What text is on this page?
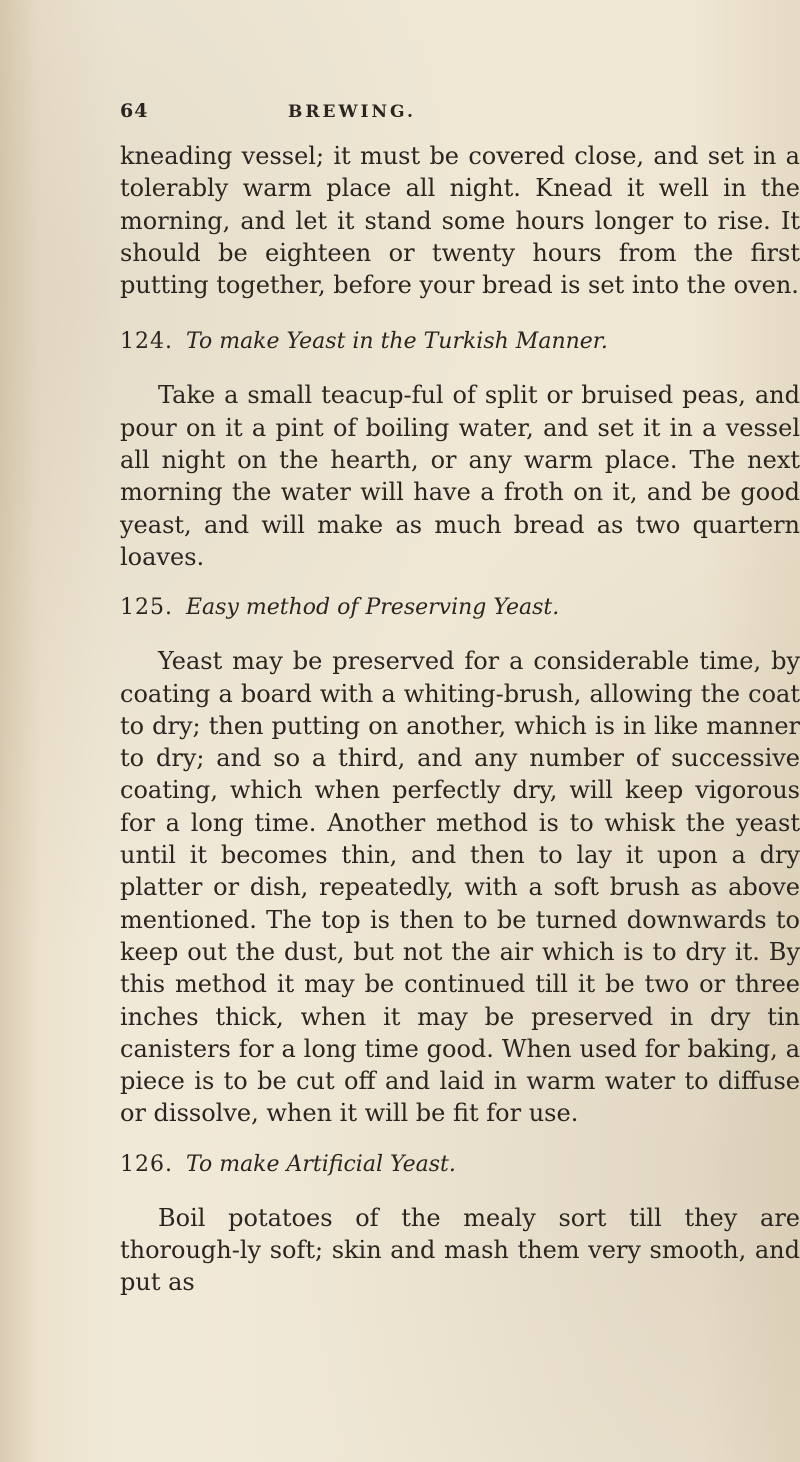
64	BREWING.

kneading vessel; it must be covered close, and set in a tolerably warm place all night. Knead it well in the morning, and let it stand some hours longer to rise. It should be eighteen or twenty hours from the first putting together, before your bread is set into the oven.

124. To make Yeast in the Turkish Manner.

Take a small teacup-ful of split or bruised peas, and pour on it a pint of boiling water, and set it in a vessel all night on the hearth, or any warm place. The next morning the water will have a froth on it, and be good yeast, and will make as much bread as two quartern loaves.

125. Easy method of Preserving Yeast.

Yeast may be preserved for a considerable time, by coating a board with a whiting-brush, allowing the coat to dry; then putting on another, which is in like manner to dry; and so a third, and any number of successive coating, which when perfectly dry, will keep vigorous for a long time. Another method is to whisk the yeast until it becomes thin, and then to lay it upon a dry platter or dish, repeatedly, with a soft brush as above mentioned. The top is then to be turned downwards to keep out the dust, but not the air which is to dry it. By this method it may be continued till it be two or three inches thick, when it may be preserved in dry tin canisters for a long time good. When used for baking, a piece is to be cut off and laid in warm water to diffuse or dissolve, when it will be fit for use.

126. To make Artificial Yeast.

Boil potatoes of the mealy sort till they are thorough-ly soft; skin and mash them very smooth, and put as
